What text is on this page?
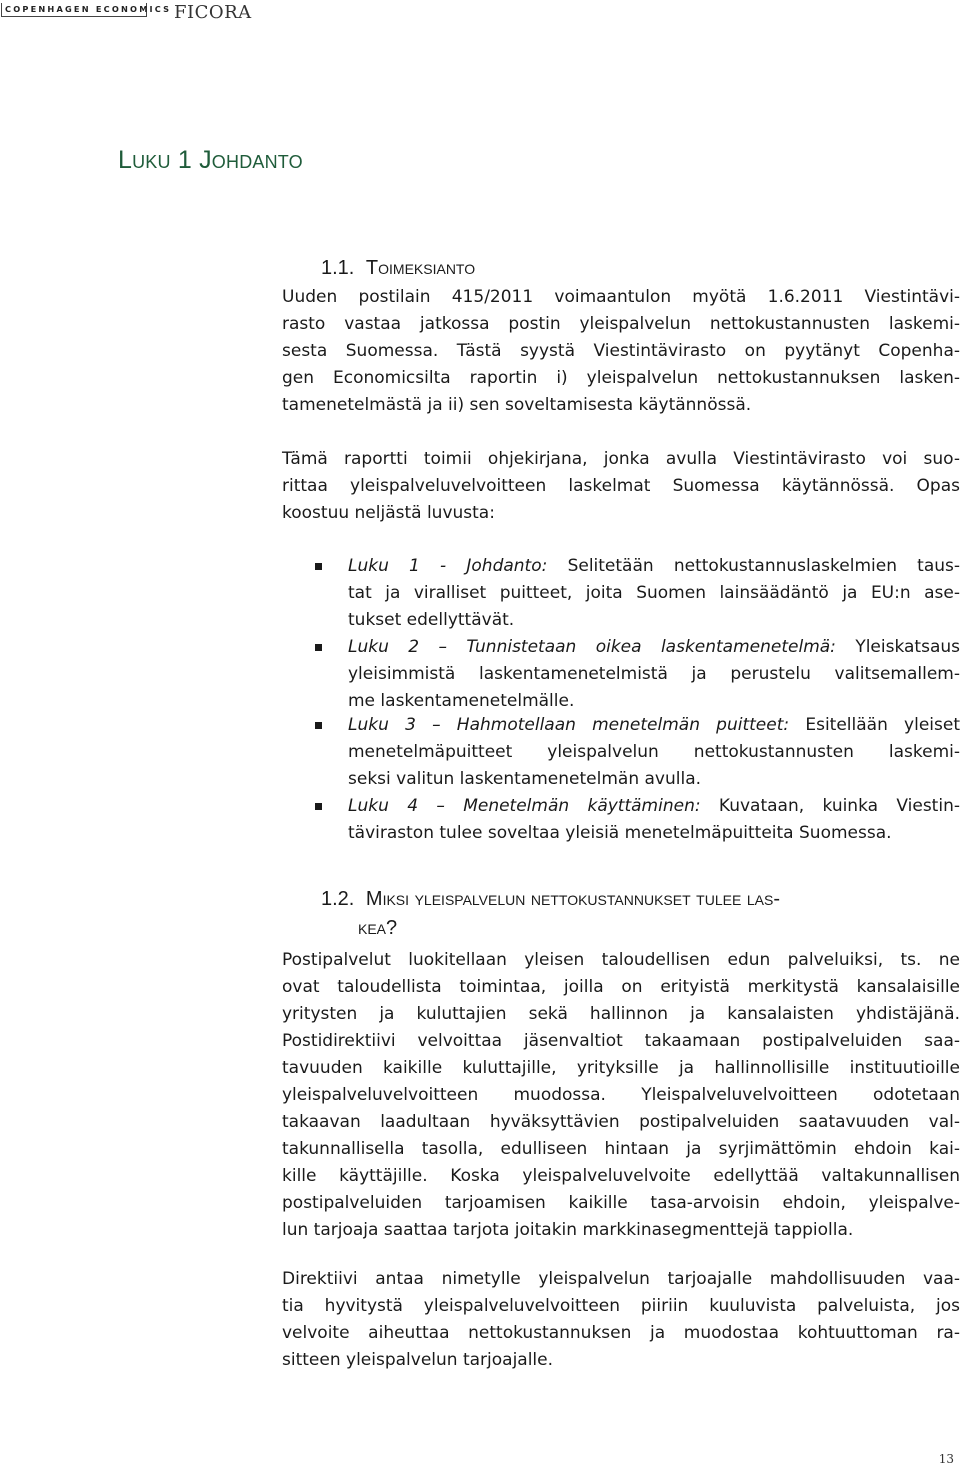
COPENHAGEN ECONOMICS FICORA
Luku 1 Johdanto
1.1. Toimeksianto
Uuden postilain 415/2011 voimaantulon myötä 1.6.2011 Viestintävi-
rasto vastaa jatkossa postin yleispalvelun nettokustannusten laskemi-
sesta Suomessa. Tästä syystä Viestintävirasto on pyytänyt Copenha-
gen Economicsilta raportin i) yleispalvelun nettokustannuksen lasken-
tamenetelmästä ja ii) sen soveltamisesta käytännössä.
Tämä raportti toimii ohjekirjana, jonka avulla Viestintävirasto voi suo-
rittaa yleispalveluvelvoitteen laskelmat Suomessa käytännössä. Opas
koostuu neljästä luvusta:
Luku 1 - Johdanto: Selitetään nettokustannuslaskelmien taus-
tat ja viralliset puitteet, joita Suomen lainsäädäntö ja EU:n ase-
tukset edellyttävät.
Luku 2 – Tunnistetaan oikea laskentamenetelmä: Yleiskatsaus
yleisimmistä laskentamenetelmistä ja perustelu valitsemallem-
me laskentamenetelmälle.
Luku 3 – Hahmotellaan menetelmän puitteet: Esitellään yleiset
menetelmäpuitteet yleispalvelun nettokustannusten laskemi-
seksi valitun laskentamenetelmän avulla.
Luku 4 – Menetelmän käyttäminen: Kuvataan, kuinka Viestin-
täviraston tulee soveltaa yleisiä menetelmäpuitteita Suomessa.
1.2. Miksi yleispalvelun nettokustannukset tulee las-
kea?
Postipalvelut luokitellaan yleisen taloudellisen edun palveluiksi, ts. ne
ovat taloudellista toimintaa, joilla on erityistä merkitystä kansalaisille
yritysten ja kuluttajien sekä hallinnon ja kansalaisten yhdistäjänä.
Postidirektiivi velvoittaa jäsenvaltiot takaamaan postipalveluiden saa-
tavuuden kaikille kuluttajille, yrityksille ja hallinnollisille instituutioille
yleispalveluvelvoitteen muodossa. Yleispalveluvelvoitteen odotetaan
takaavan laadultaan hyväksyttävien postipalveluiden saatavuuden val-
takunnallisella tasolla, edulliseen hintaan ja syrjimättömin ehdoin kai-
kille käyttäjille. Koska yleispalveluvelvoite edellyttää valtakunnallisen
postipalveluiden tarjoamisen kaikille tasa-arvoisin ehdoin, yleispalve-
lun tarjoaja saattaa tarjota joitakin markkinasegmenttejä tappiolla.
Direktiivi antaa nimetylle yleispalvelun tarjoajalle mahdollisuuden vaa-
tia hyvitystä yleispalveluvelvoitteen piiriin kuuluvista palveluista, jos
velvoite aiheuttaa nettokustannuksen ja muodostaa kohtuuttoman ra-
sitteen yleispalvelun tarjoajalle.
13
